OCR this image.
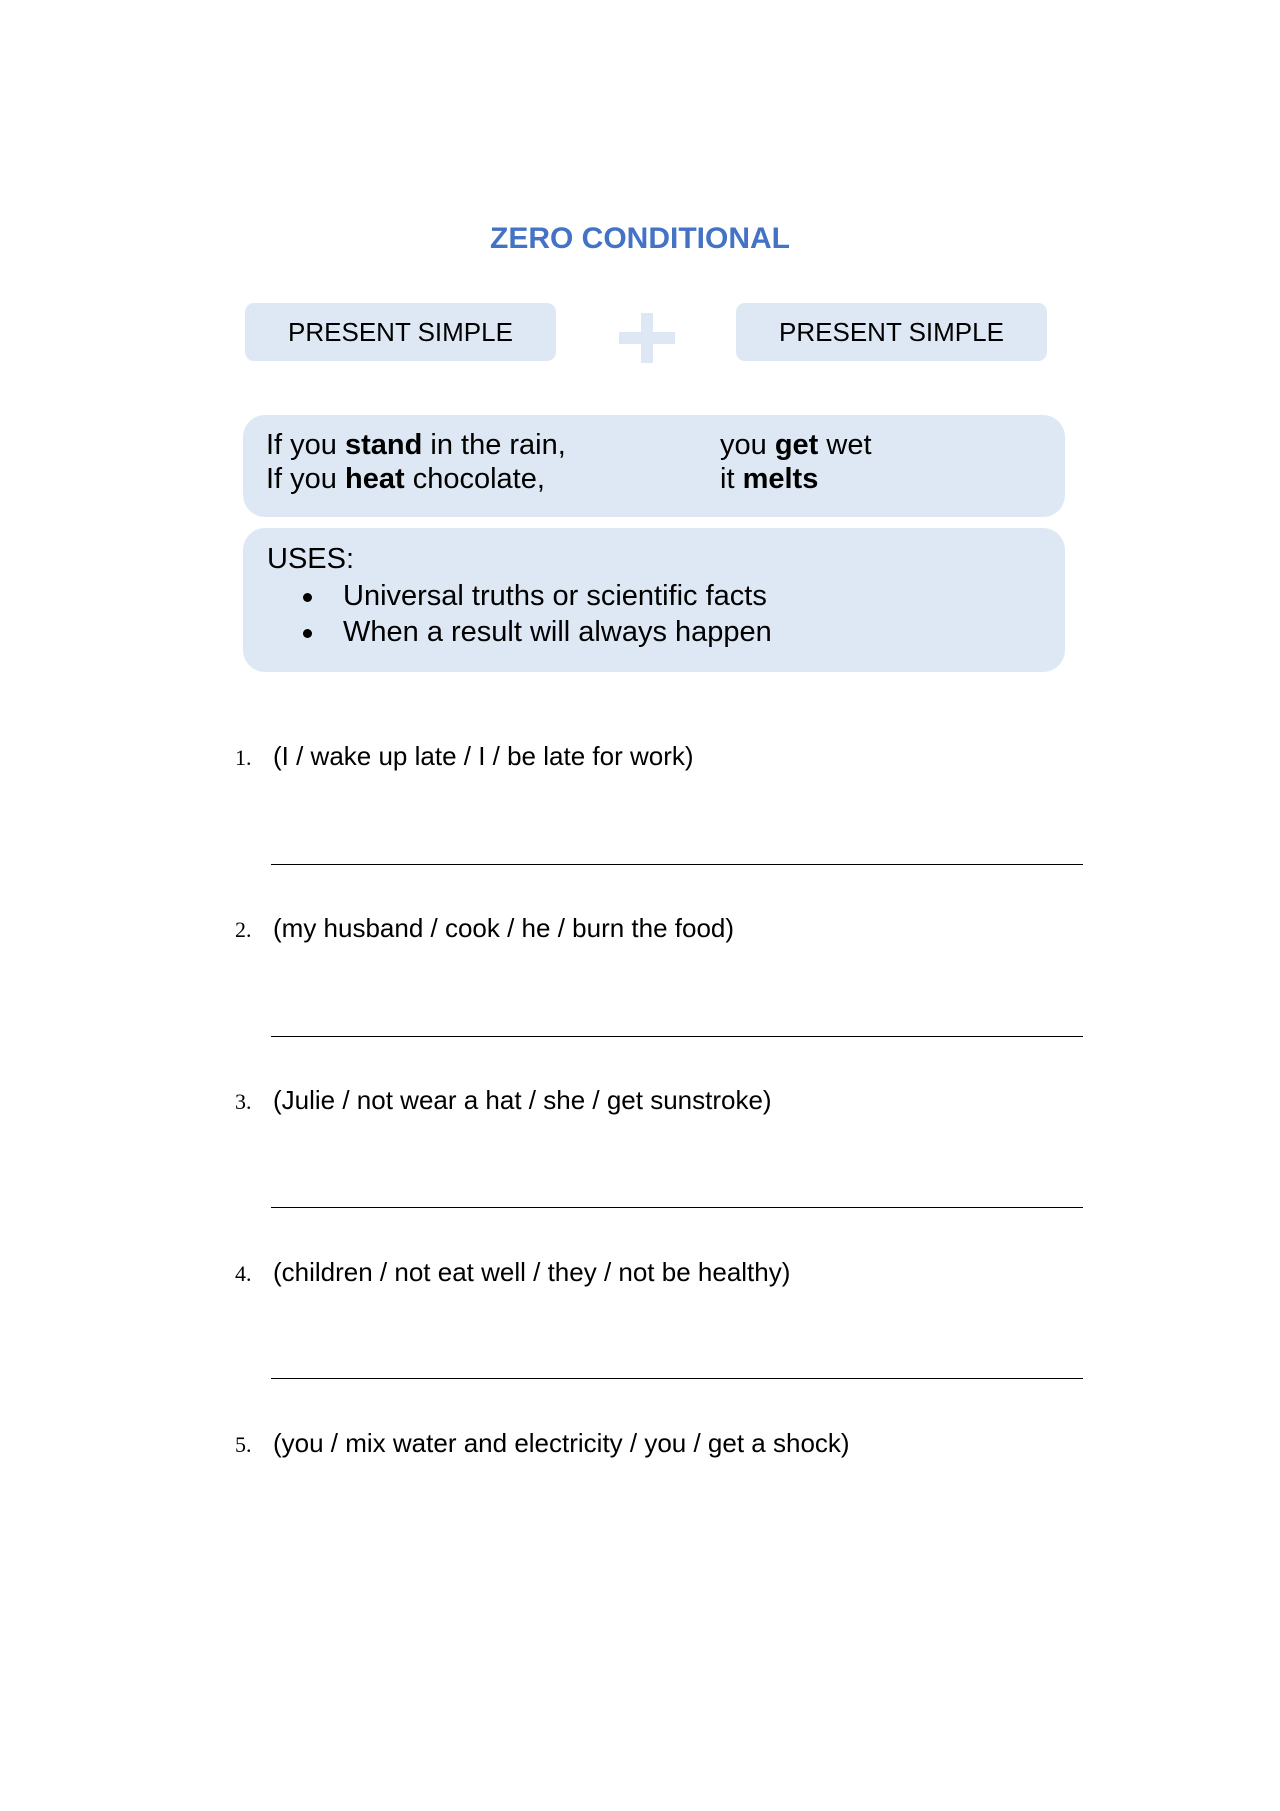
ZERO CONDITIONAL
PRESENT SIMPLE	PRESENT SIMPLE
If you stand in the rain,	you get wet
If you heat chocolate,	it melts
USES:
Universal truths or scientific facts
When a result will always happen
1. (I / wake up late / I / be late for work)
2. (my husband / cook / he / burn the food)
3. (Julie / not wear a hat / she / get sunstroke)
4. (children / not eat well / they / not be healthy)
5. (you / mix water and electricity / you / get a shock)
